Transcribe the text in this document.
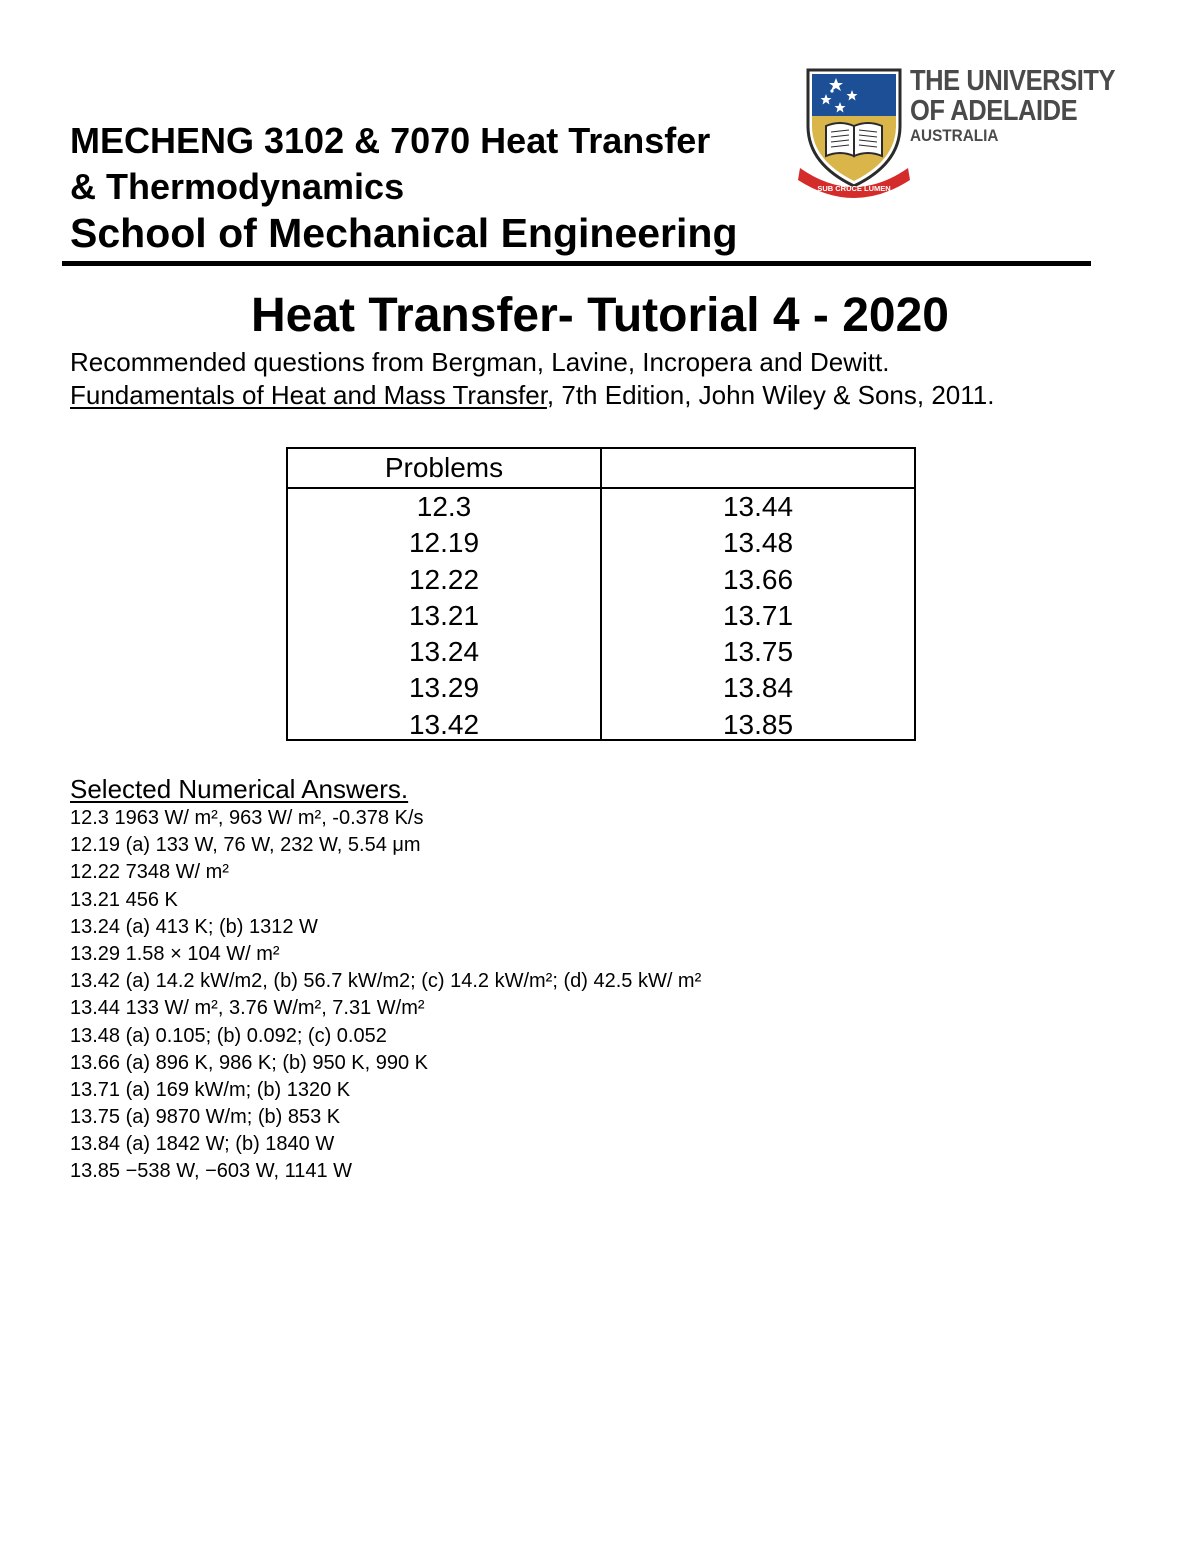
MECHENG 3102 & 7070 Heat Transfer
& Thermodynamics
School of Mechanical Engineering
SUB CRUCE LUMEN
THE UNIVERSITY
OF ADELAIDE
AUSTRALIA
Heat Transfer- Tutorial 4 - 2020
Recommended questions from Bergman, Lavine, Incropera and Dewitt.
Fundamentals of Heat and Mass Transfer, 7th Edition, John Wiley & Sons, 2011.
Problems
12.3
12.19
12.22
13.21
13.24
13.29
13.42
13.44
13.48
13.66
13.71
13.75
13.84
13.85
Selected Numerical Answers.
12.3 1963 W/ m², 963 W/ m², -0.378 K/s
12.19 (a) 133 W, 76 W, 232 W, 5.54 μm
12.22 7348 W/ m²
13.21 456 K
13.24 (a) 413 K; (b) 1312 W
13.29 1.58 × 104 W/ m²
13.42 (a) 14.2 kW/m2, (b) 56.7 kW/m2; (c) 14.2 kW/m²; (d) 42.5 kW/ m²
13.44 133 W/ m², 3.76 W/m², 7.31 W/m²
13.48 (a) 0.105; (b) 0.092; (c) 0.052
13.66 (a) 896 K, 986 K; (b) 950 K, 990 K
13.71 (a) 169 kW/m; (b) 1320 K
13.75 (a) 9870 W/m; (b) 853 K
13.84 (a) 1842 W; (b) 1840 W
13.85 −538 W, −603 W, 1141 W
